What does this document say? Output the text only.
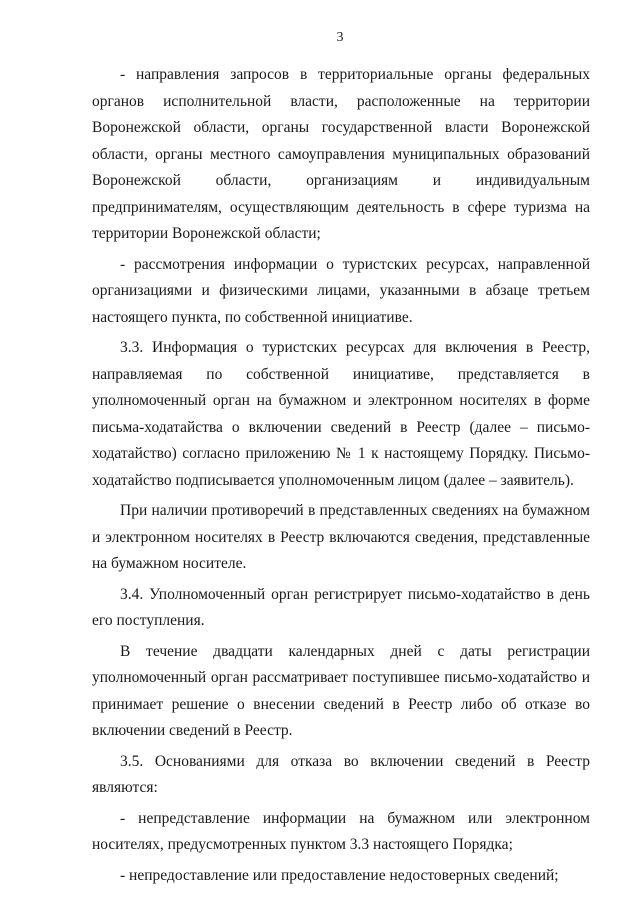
3

- направления запросов в территориальные органы федеральных органов исполнительной власти, расположенные на территории Воронежской области, органы государственной власти Воронежской области, органы местного самоуправления муниципальных образований Воронежской области, организациям и индивидуальным предпринимателям, осуществляющим деятельность в сфере туризма на территории Воронежской области;

- рассмотрения информации о туристских ресурсах, направленной организациями и физическими лицами, указанными в абзаце третьем настоящего пункта, по собственной инициативе.

3.3. Информация о туристских ресурсах для включения в Реестр, направляемая по собственной инициативе, представляется в уполномоченный орган на бумажном и электронном носителях в форме письма-ходатайства о включении сведений в Реестр (далее – письмо-ходатайство) согласно приложению № 1 к настоящему Порядку. Письмо-ходатайство подписывается уполномоченным лицом (далее – заявитель).

При наличии противоречий в представленных сведениях на бумажном и электронном носителях в Реестр включаются сведения, представленные на бумажном носителе.

3.4. Уполномоченный орган регистрирует письмо-ходатайство в день его поступления.

В течение двадцати календарных дней с даты регистрации уполномоченный орган рассматривает поступившее письмо-ходатайство и принимает решение о внесении сведений в Реестр либо об отказе во включении сведений в Реестр.

3.5. Основаниями для отказа во включении сведений в Реестр являются:

- непредставление информации на бумажном или электронном носителях, предусмотренных пунктом 3.3 настоящего Порядка;

- непредоставление или предоставление недостоверных сведений;
